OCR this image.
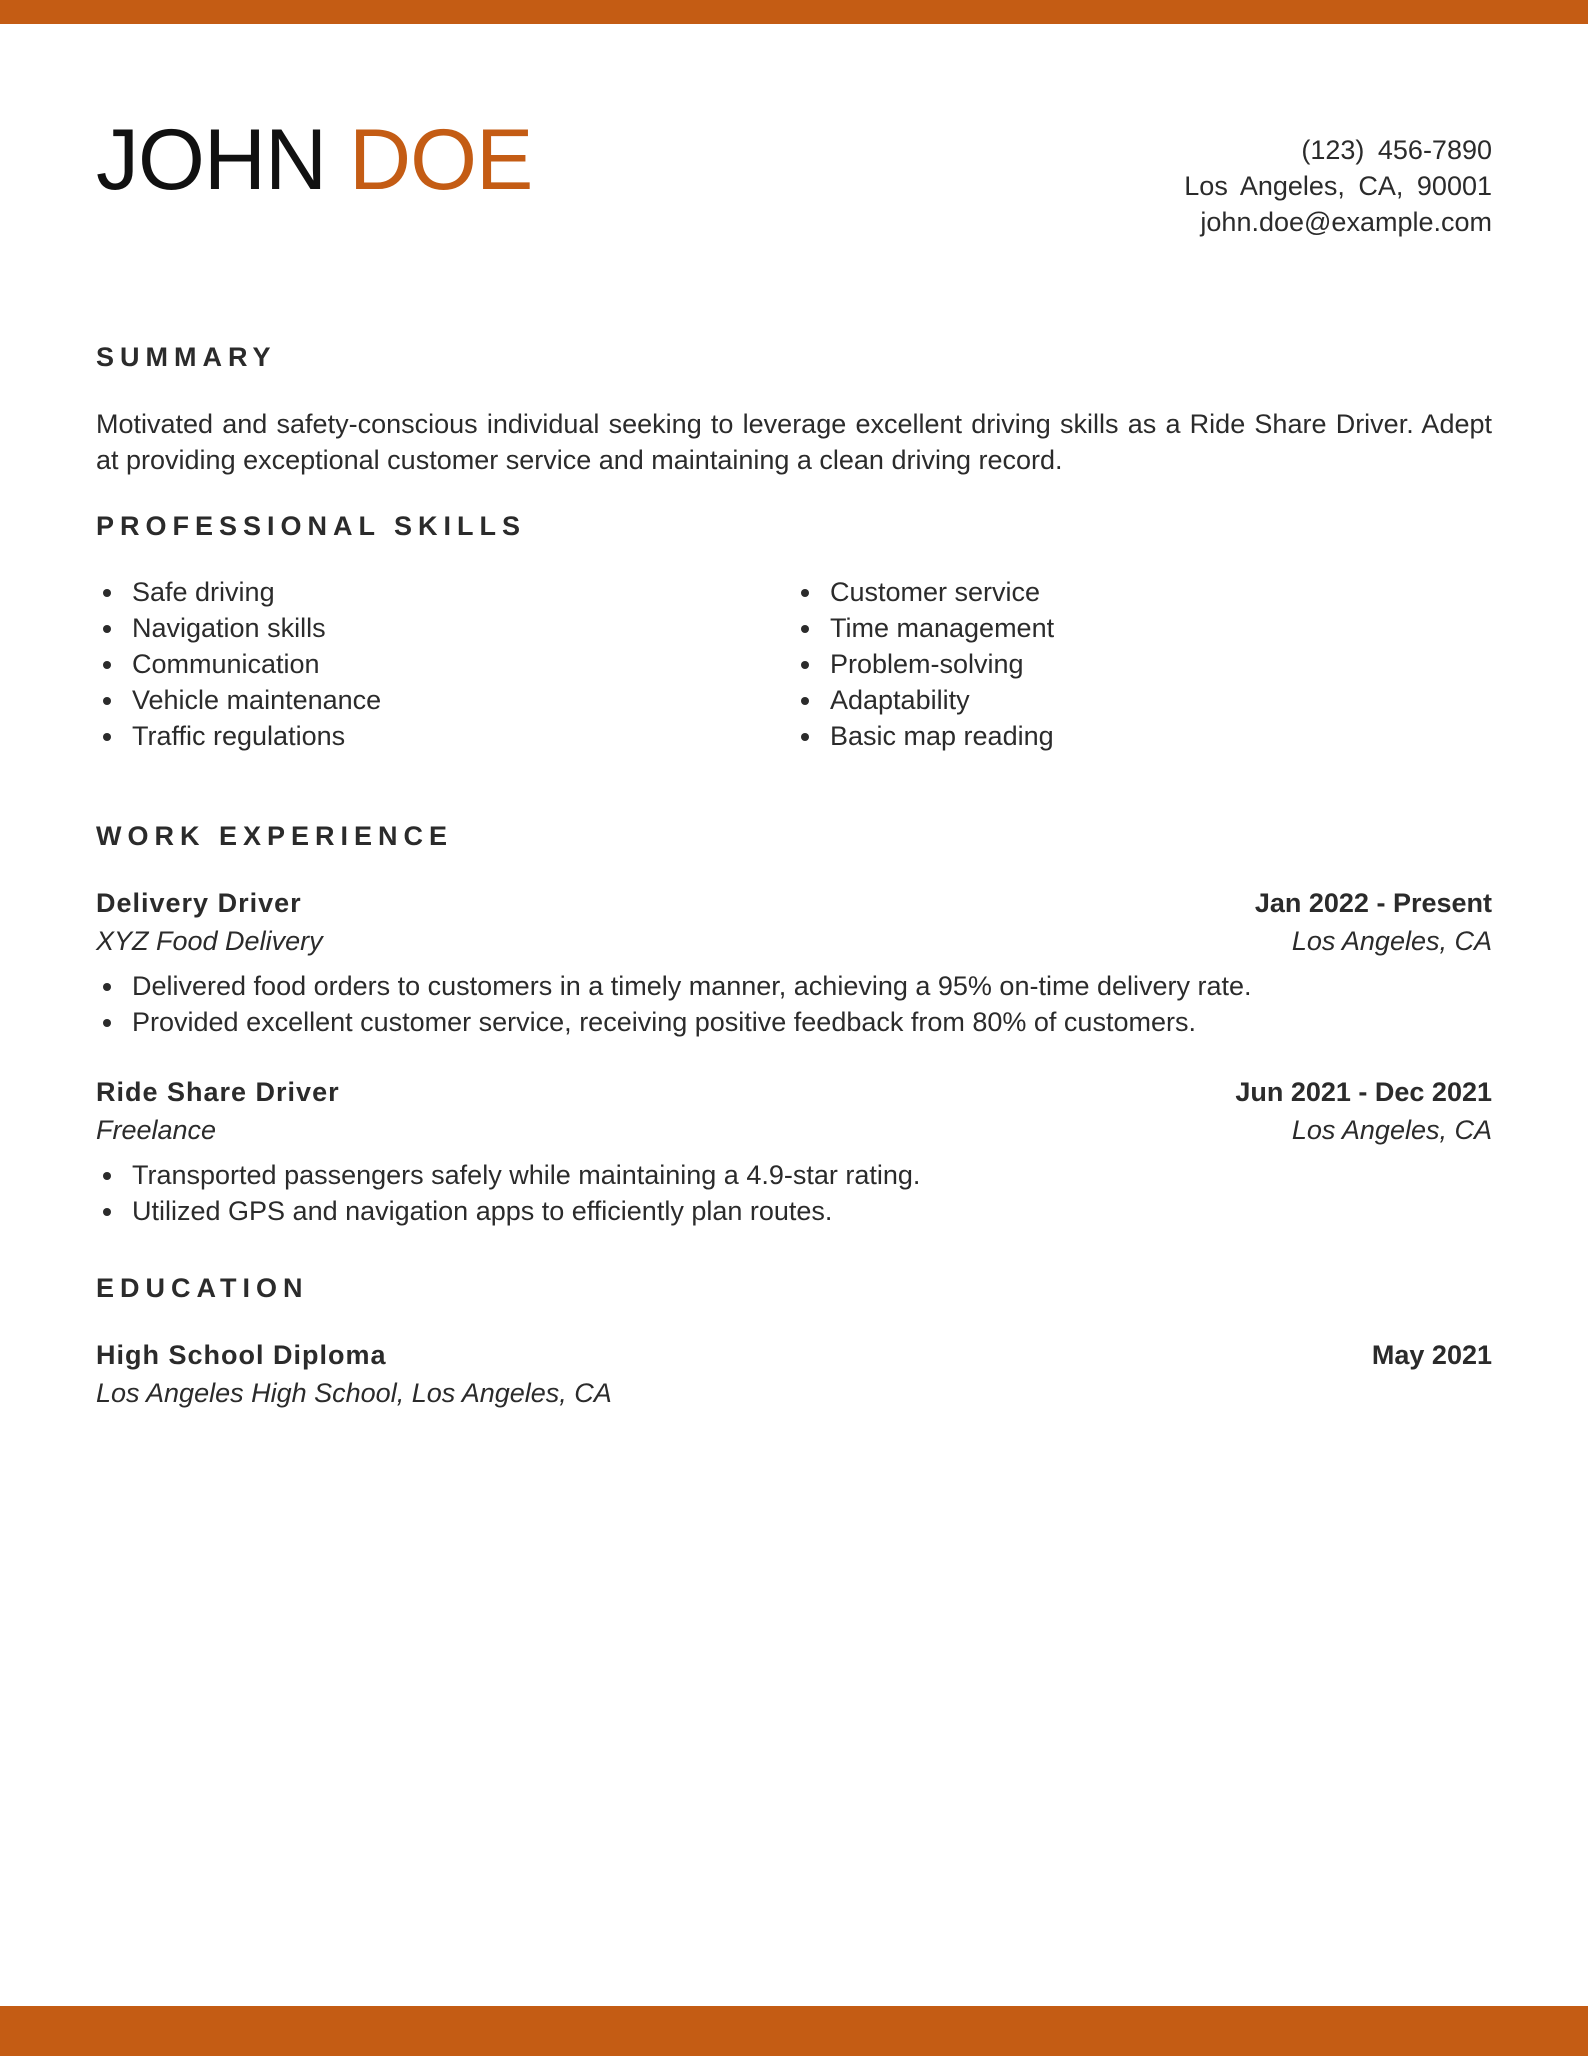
JOHN DOE	(123) 456-7890
Los Angeles, CA, 90001
john.doe@example.com
SUMMARY
Motivated and safety-conscious individual seeking to leverage excellent driving skills as a Ride Share Driver. Adept at providing exceptional customer service and maintaining a clean driving record.
PROFESSIONAL SKILLS
Safe driving
Navigation skills
Communication
Vehicle maintenance
Traffic regulations
Customer service
Time management
Problem-solving
Adaptability
Basic map reading
WORK EXPERIENCE
Delivery Driver	Jan 2022 - Present
XYZ Food Delivery	Los Angeles, CA
Delivered food orders to customers in a timely manner, achieving a 95% on-time delivery rate.
Provided excellent customer service, receiving positive feedback from 80% of customers.
Ride Share Driver	Jun 2021 - Dec 2021
Freelance	Los Angeles, CA
Transported passengers safely while maintaining a 4.9-star rating.
Utilized GPS and navigation apps to efficiently plan routes.
EDUCATION
High School Diploma	May 2021
Los Angeles High School, Los Angeles, CA
